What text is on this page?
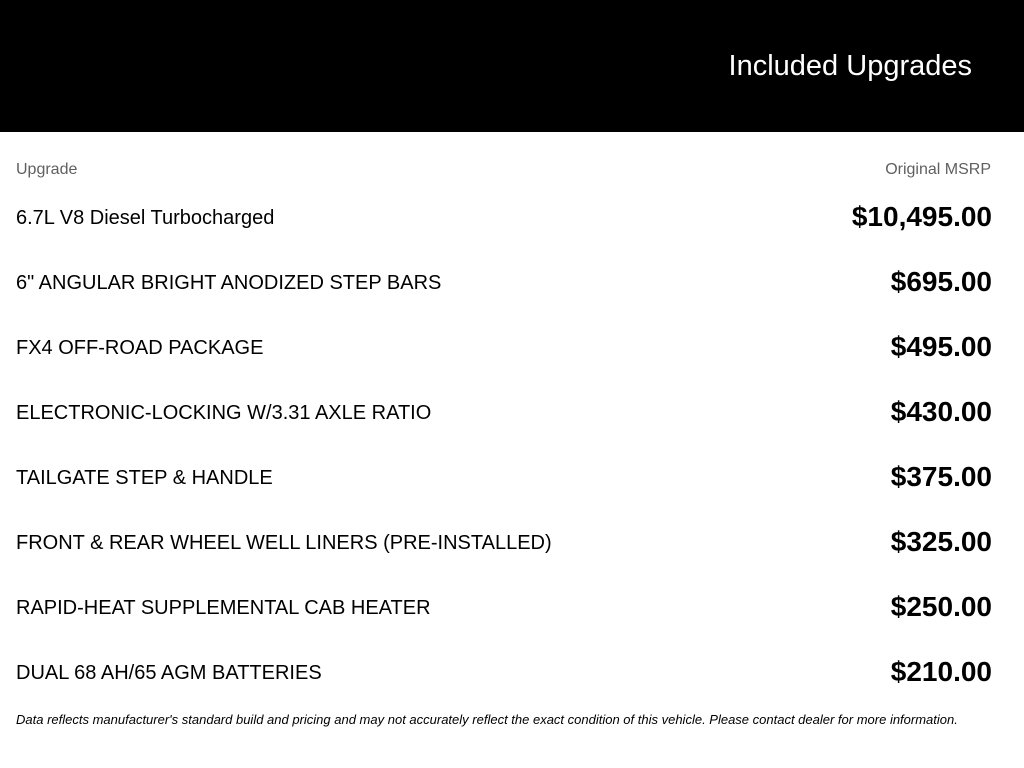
Included Upgrades
Upgrade	Original MSRP
6.7L V8 Diesel Turbocharged	$10,495.00
6" ANGULAR BRIGHT ANODIZED STEP BARS	$695.00
FX4 OFF-ROAD PACKAGE	$495.00
ELECTRONIC-LOCKING W/3.31 AXLE RATIO	$430.00
TAILGATE STEP & HANDLE	$375.00
FRONT & REAR WHEEL WELL LINERS (PRE-INSTALLED)	$325.00
RAPID-HEAT SUPPLEMENTAL CAB HEATER	$250.00
DUAL 68 AH/65 AGM BATTERIES	$210.00
Data reflects manufacturer's standard build and pricing and may not accurately reflect the exact condition of this vehicle. Please contact dealer for more information.
